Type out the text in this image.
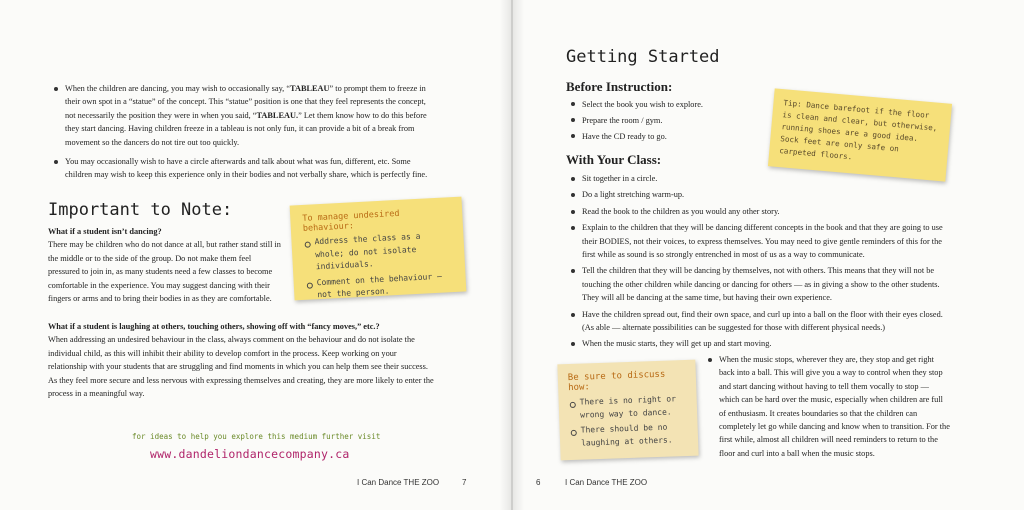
When the children are dancing, you may wish to occasionally say, “TABLEAU” to prompt them to freeze in their own spot in a “statue” of the concept. This “statue” position is one that they feel represents the concept, not necessarily the position they were in when you said, “TABLEAU.” Let them know how to do this before they start dancing. Having children freeze in a tableau is not only fun, it can provide a bit of a break from movement so the dancers do not tire out too quickly.
You may occasionally wish to have a circle afterwards and talk about what was fun, different, etc. Some children may wish to keep this experience only in their bodies and not verbally share, which is perfectly fine.
Important to Note:
What if a student isn’t dancing?
There may be children who do not dance at all, but rather stand still in the middle or to the side of the group. Do not make them feel pressured to join in, as many students need a few classes to become comfortable in the experience. You may suggest dancing with their fingers or arms and to bring their bodies in as they are comfortable.
What if a student is laughing at others, touching others, showing off with “fancy moves,” etc.?
When addressing an undesired behaviour in the class, always comment on the behaviour and do not isolate the individual child, as this will inhibit their ability to develop comfort in the process. Keep working on your relationship with your students that are struggling and find moments in which you can help them see their success. As they feel more secure and less nervous with expressing themselves and creating, they are more likely to enter the process in a meaningful way.
To manage undesired behaviour:
Address the class as a whole; do not isolate individuals.
Comment on the behaviour — not the person.
for ideas to help you explore this medium further visit
www.dandeliondancecompany.ca
I Can Dance THE ZOO	7
Getting Started
Before Instruction:
Select the book you wish to explore.
Prepare the room / gym.
Have the CD ready to go.
Tip: Dance barefoot if the floor is clean and clear, but otherwise, running shoes are a good idea. Sock feet are only safe on carpeted floors.
With Your Class:
Sit together in a circle.
Do a light stretching warm-up.
Read the book to the children as you would any other story.
Explain to the children that they will be dancing different concepts in the book and that they are going to use their BODIES, not their voices, to express themselves. You may need to give gentle reminders of this for the first while as sound is so strongly entrenched in most of us as a way to communicate.
Tell the children that they will be dancing by themselves, not with others. This means that they will not be touching the other children while dancing or dancing for others — as in giving a show to the other students. They will all be dancing at the same time, but having their own experience.
Have the children spread out, find their own space, and curl up into a ball on the floor with their eyes closed. (As able — alternate possibilities can be suggested for those with different physical needs.)
When the music starts, they will get up and start moving.
When the music stops, wherever they are, they stop and get right back into a ball. This will give you a way to control when they stop and start dancing without having to tell them vocally to stop — which can be hard over the music, especially when children are full of enthusiasm. It creates boundaries so that the children can completely let go while dancing and know when to transition. For the first while, almost all children will need reminders to return to the floor and curl into a ball when the music stops.
Be sure to discuss how:
There is no right or wrong way to dance.
There should be no laughing at others.
6	I Can Dance THE ZOO
